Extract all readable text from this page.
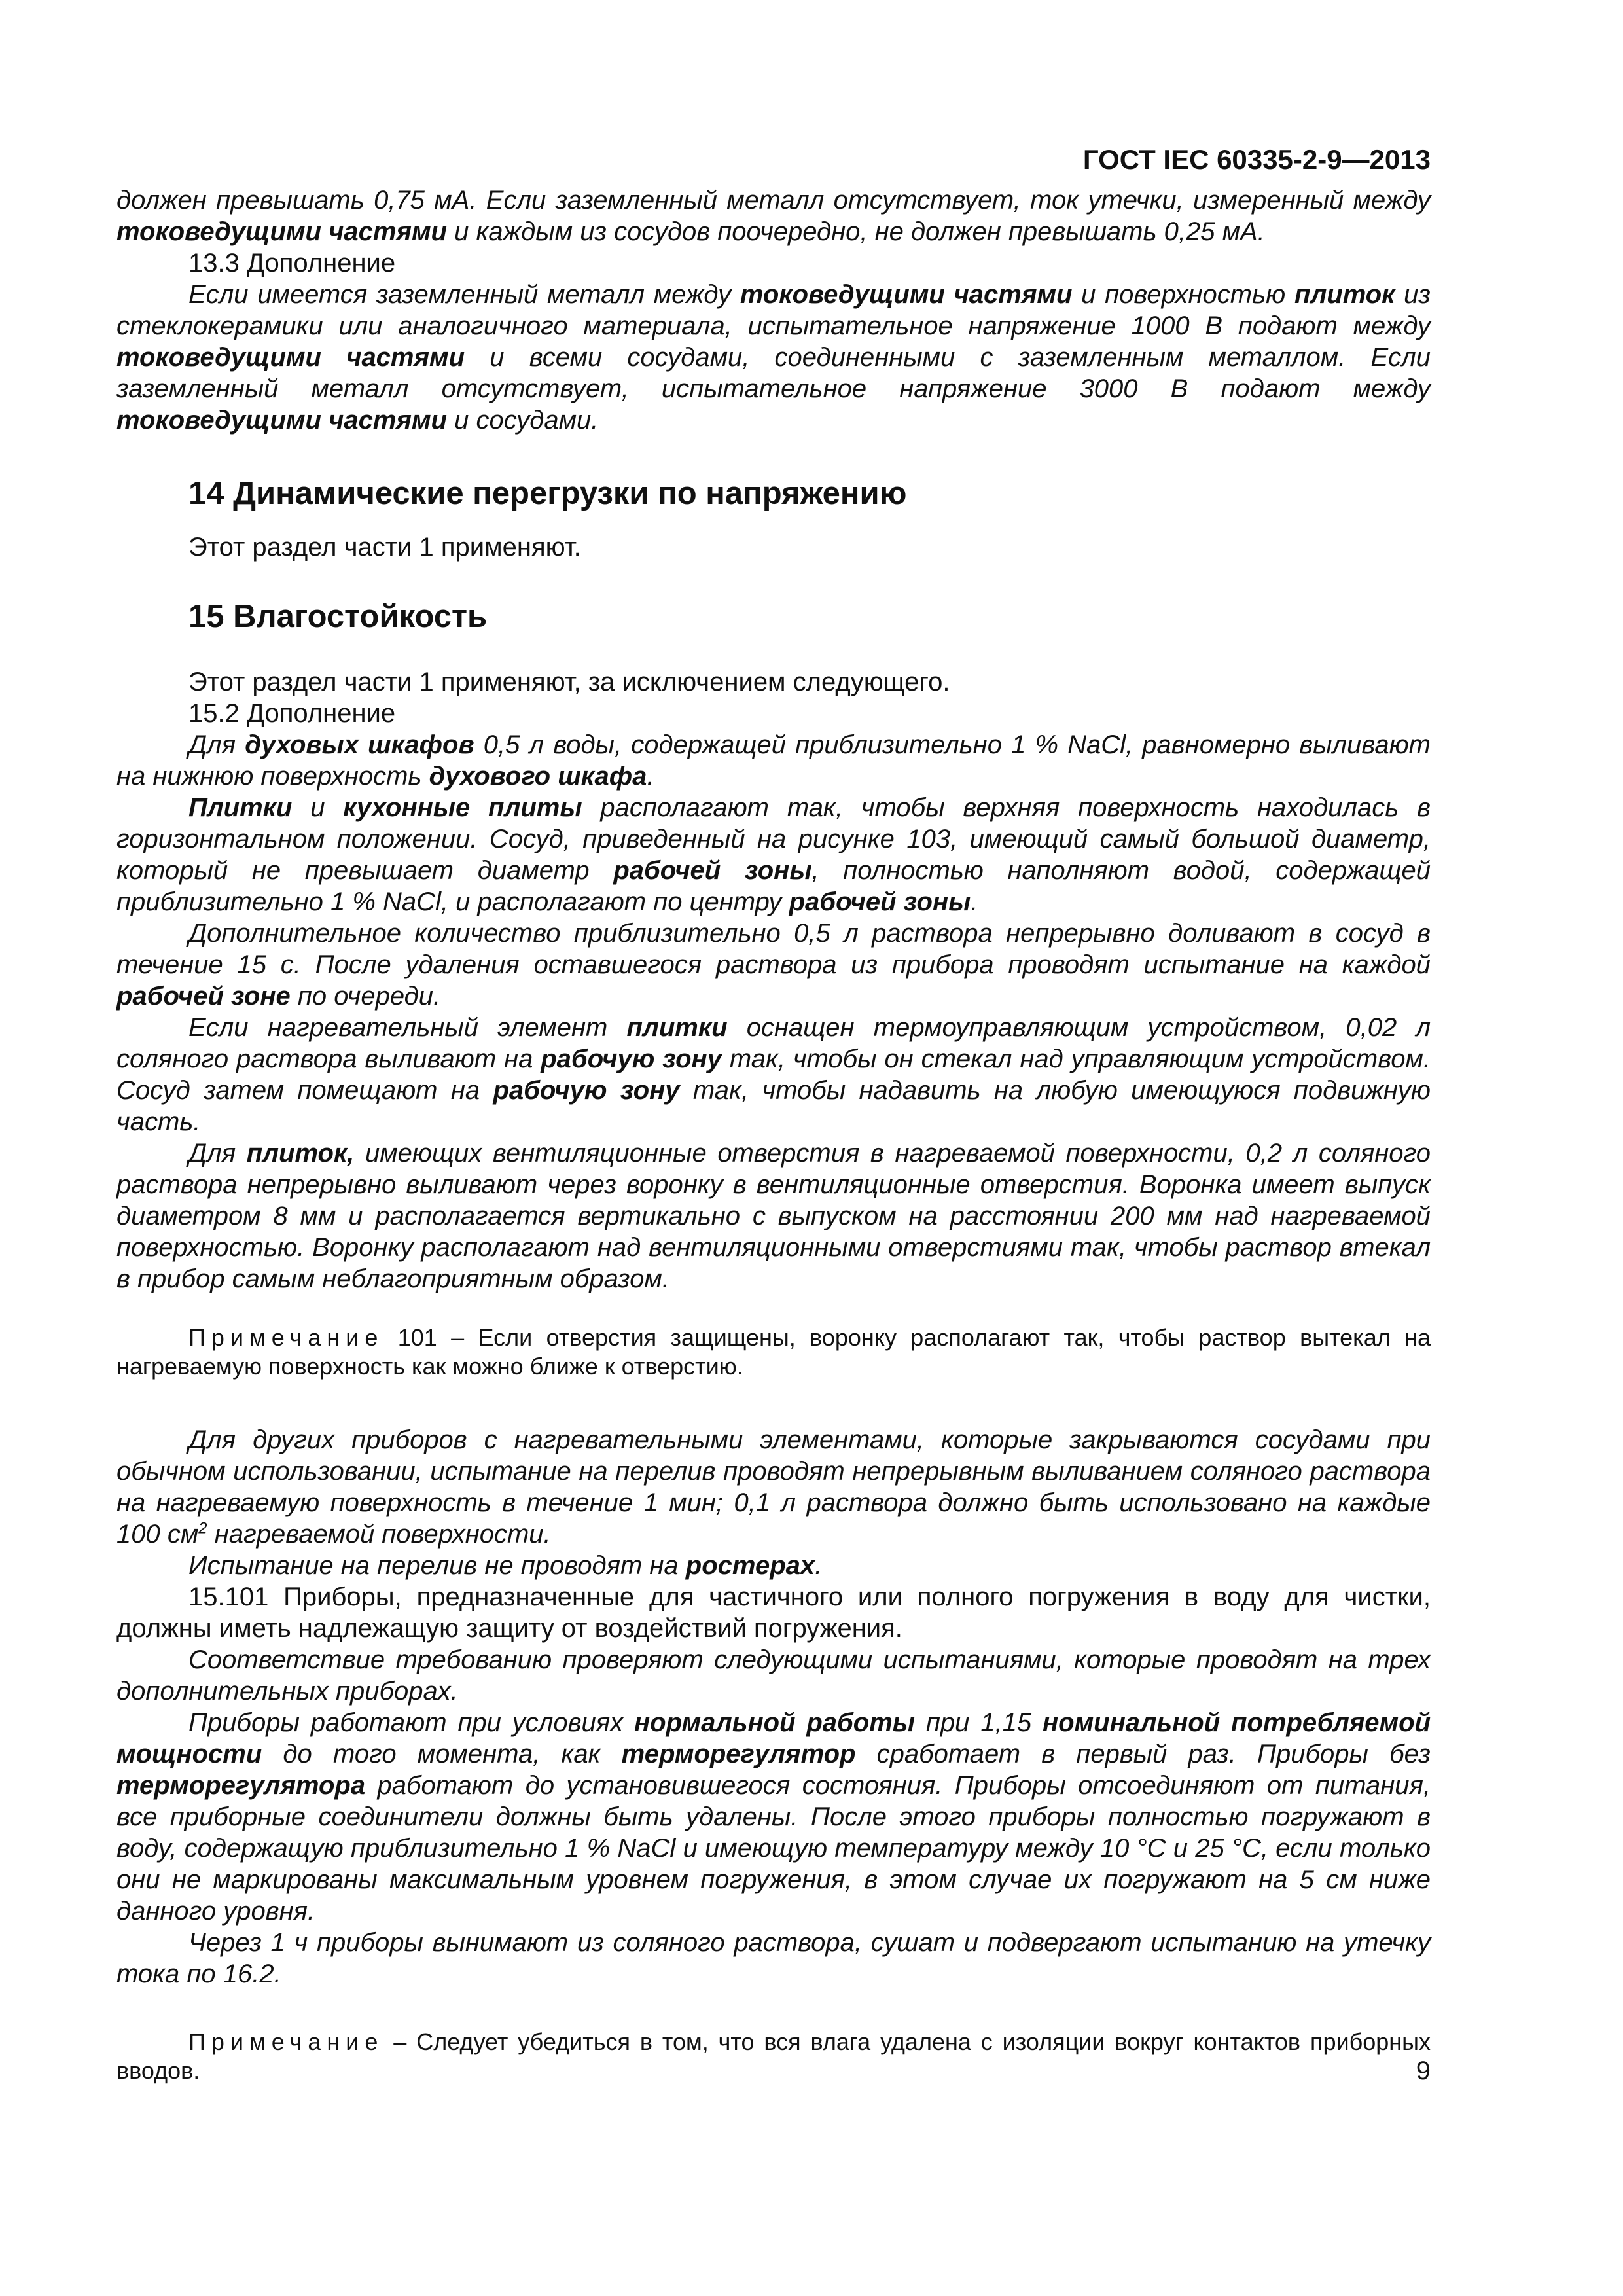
ГОСТ IEC 60335-2-9—2013

должен превышать 0,75 мА. Если заземленный металл отсутствует, ток утечки, измеренный между токоведущими частями и каждым из сосудов поочередно, не должен превышать 0,25 мА.

13.3 Дополнение

Если имеется заземленный металл между токоведущими частями и поверхностью плиток из стеклокерамики или аналогичного материала, испытательное напряжение 1000 В подают между токоведущими частями и всеми сосудами, соединенными с заземленным металлом. Если заземленный металл отсутствует, испытательное напряжение 3000 В подают между токоведущими частями и сосудами.

14 Динамические перегрузки по напряжению

Этот раздел части 1 применяют.

15 Влагостойкость

Этот раздел части 1 применяют, за исключением следующего.

15.2 Дополнение

Для духовых шкафов 0,5 л воды, содержащей приблизительно 1 % NaCl, равномерно выливают на нижнюю поверхность духового шкафа.

Плитки и кухонные плиты располагают так, чтобы верхняя поверхность находилась в горизонтальном положении. Сосуд, приведенный на рисунке 103, имеющий самый большой диаметр, который не превышает диаметр рабочей зоны, полностью наполняют водой, содержащей приблизительно 1 % NaCl, и располагают по центру рабочей зоны.

Дополнительное количество приблизительно 0,5 л раствора непрерывно доливают в сосуд в течение 15 с. После удаления оставшегося раствора из прибора проводят испытание на каждой рабочей зоне по очереди.

Если нагревательный элемент плитки оснащен термоуправляющим устройством, 0,02 л соляного раствора выливают на рабочую зону так, чтобы он стекал над управляющим устройством. Сосуд затем помещают на рабочую зону так, чтобы надавить на любую имеющуюся подвижную часть.

Для плиток, имеющих вентиляционные отверстия в нагреваемой поверхности, 0,2 л соляного раствора непрерывно выливают через воронку в вентиляционные отверстия. Воронка имеет выпуск диаметром 8 мм и располагается вертикально с выпуском на расстоянии 200 мм над нагреваемой поверхностью. Воронку располагают над вентиляционными отверстиями так, чтобы раствор втекал в прибор самым неблагоприятным образом.

Примечание 101 – Если отверстия защищены, воронку располагают так, чтобы раствор вытекал на нагреваемую поверхность как можно ближе к отверстию.

Для других приборов с нагревательными элементами, которые закрываются сосудами при обычном использовании, испытание на перелив проводят непрерывным выливанием соляного раствора на нагреваемую поверхность в течение 1 мин; 0,1 л раствора должно быть использовано на каждые 100 $см^2$ нагреваемой поверхности.

Испытание на перелив не проводят на ростерах.

15.101 Приборы, предназначенные для частичного или полного погружения в воду для чистки, должны иметь надлежащую защиту от воздействий погружения.

Соответствие требованию проверяют следующими испытаниями, которые проводят на трех дополнительных приборах.

Приборы работают при условиях нормальной работы при 1,15 номинальной потребляемой мощности до того момента, как терморегулятор сработает в первый раз. Приборы без терморегулятора работают до установившегося состояния. Приборы отсоединяют от питания, все приборные соединители должны быть удалены. После этого приборы полностью погружают в воду, содержащую приблизительно 1 % NaCl и имеющую температуру между 10 °С и 25 °С, если только они не маркированы максимальным уровнем погружения, в этом случае их погружают на 5 см ниже данного уровня.

Через 1 ч приборы вынимают из соляного раствора, сушат и подвергают испытанию на утечку тока по 16.2.

Примечание – Следует убедиться в том, что вся влага удалена с изоляции вокруг контактов приборных вводов.	9
